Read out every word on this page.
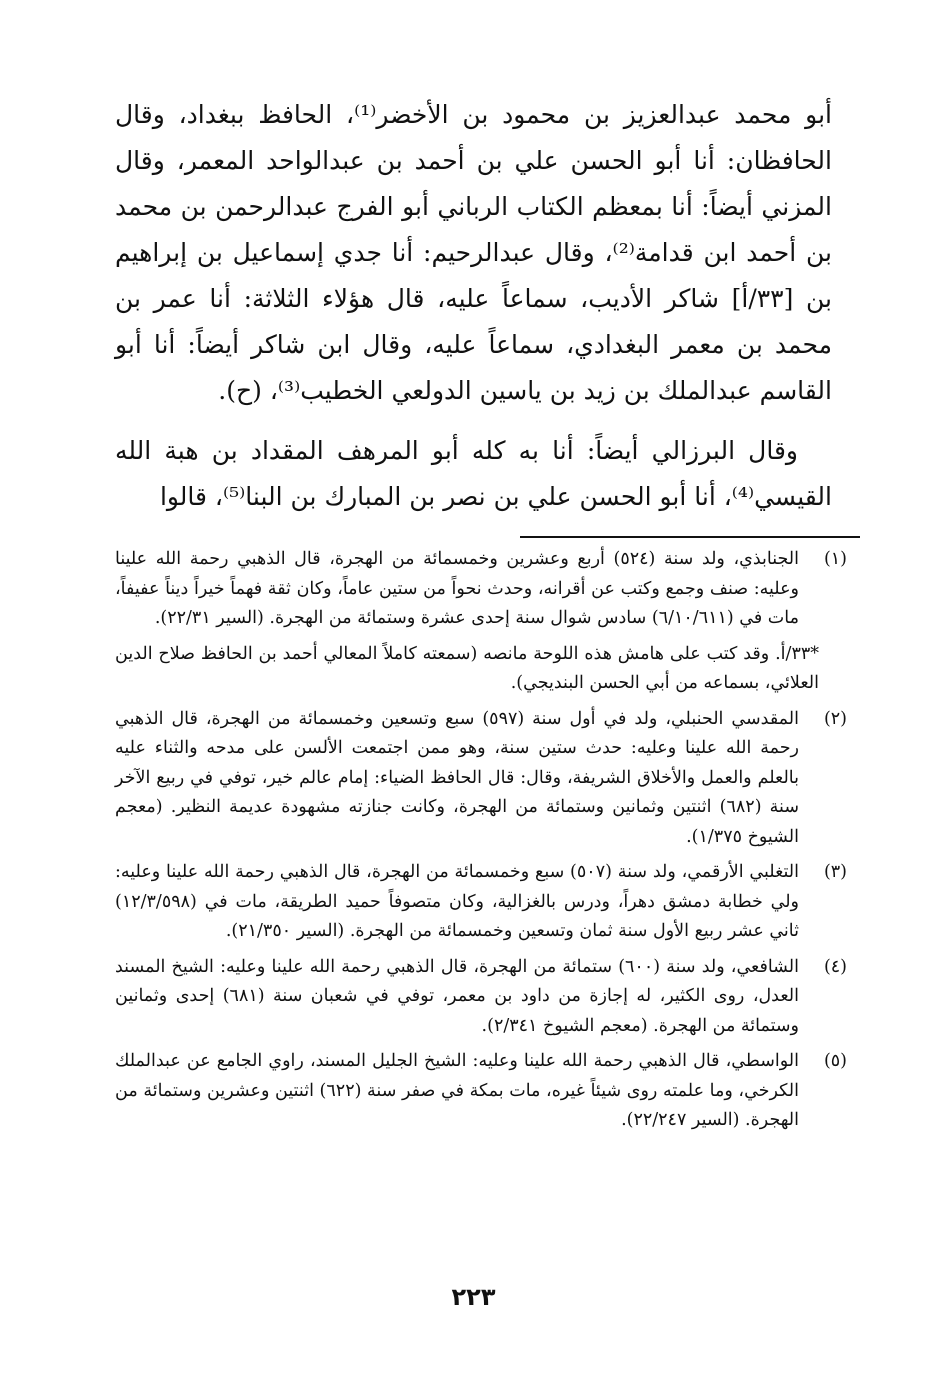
أبو محمد عبدالعزيز بن محمود بن الأخضر⁽¹⁾، الحافظ ببغداد، وقال الحافظان: أنا أبو الحسن علي بن أحمد بن عبدالواحد المعمر، وقال المزني أيضاً: أنا بمعظم الكتاب الرباني أبو الفرج عبدالرحمن بن محمد بن أحمد ابن قدامة⁽²⁾، وقال عبدالرحيم: أنا جدي إسماعيل بن إبراهيم بن [٣٣/أ] شاكر الأديب، سماعاً عليه، قال هؤلاء الثلاثة: أنا عمر بن محمد بن معمر البغدادي، سماعاً عليه، وقال ابن شاكر أيضاً: أنا أبو القاسم عبدالملك بن زيد بن ياسين الدولعي الخطيب⁽³⁾، (ح).

وقال البرزالي أيضاً: أنا به كله أبو المرهف المقداد بن هبة الله القيسي⁽⁴⁾، أنا أبو الحسن علي بن نصر بن المبارك بن البنا⁽⁵⁾، قالوا

(١)
الجنابذي، ولد سنة (٥٢٤) أربع وعشرين وخمسمائة من الهجرة، قال الذهبي رحمة الله علينا وعليه: صنف وجمع وكتب عن أقرانه، وحدث نحواً من ستين عاماً، وكان ثقة فهماً خيراً ديناً عفيفاً، مات في (٦/١٠/٦١١) سادس شوال سنة إحدى عشرة وستمائة من الهجرة. (السير ٢٢/٣١).
*٣٣/أ. وقد كتب على هامش هذه اللوحة مانصه (سمعته كاملاً المعالي أحمد بن الحافظ صلاح الدين العلائي، بسماعه من أبي الحسن البنديجي).
(٢)
المقدسي الحنبلي، ولد في أول سنة (٥٩٧) سبع وتسعين وخمسمائة من الهجرة، قال الذهبي رحمة الله علينا وعليه: حدث ستين سنة، وهو ممن اجتمعت الألسن على مدحه والثناء عليه بالعلم والعمل والأخلاق الشريفة، وقال: قال الحافظ الضياء: إمام عالم خير، توفي في ربيع الآخر سنة (٦٨٢) اثنتين وثمانين وستمائة من الهجرة، وكانت جنازته مشهودة عديمة النظير. (معجم الشيوخ ١/٣٧٥).
(٣)
التغلبي الأرقمي، ولد سنة (٥٠٧) سبع وخمسمائة من الهجرة، قال الذهبي رحمة الله علينا وعليه: ولي خطابة دمشق دهراً، ودرس بالغزالية، وكان متصوفاً حميد الطريقة، مات في (١٢/٣/٥٩٨) ثاني عشر ربيع الأول سنة ثمان وتسعين وخمسمائة من الهجرة. (السير ٢١/٣٥٠).
(٤)
الشافعي، ولد سنة (٦٠٠) ستمائة من الهجرة، قال الذهبي رحمة الله علينا وعليه: الشيخ المسند العدل، روى الكثير، له إجازة من داود بن معمر، توفي في شعبان سنة (٦٨١) إحدى وثمانين وستمائة من الهجرة. (معجم الشيوخ ٢/٣٤١).
(٥)
الواسطي، قال الذهبي رحمة الله علينا وعليه: الشيخ الجليل المسند، راوي الجامع عن عبدالملك الكرخي، وما علمته روى شيئاً غيره، مات بمكة في صفر سنة (٦٢٢) اثنتين وعشرين وستمائة من الهجرة. (السير ٢٢/٢٤٧).
٢٢٣
